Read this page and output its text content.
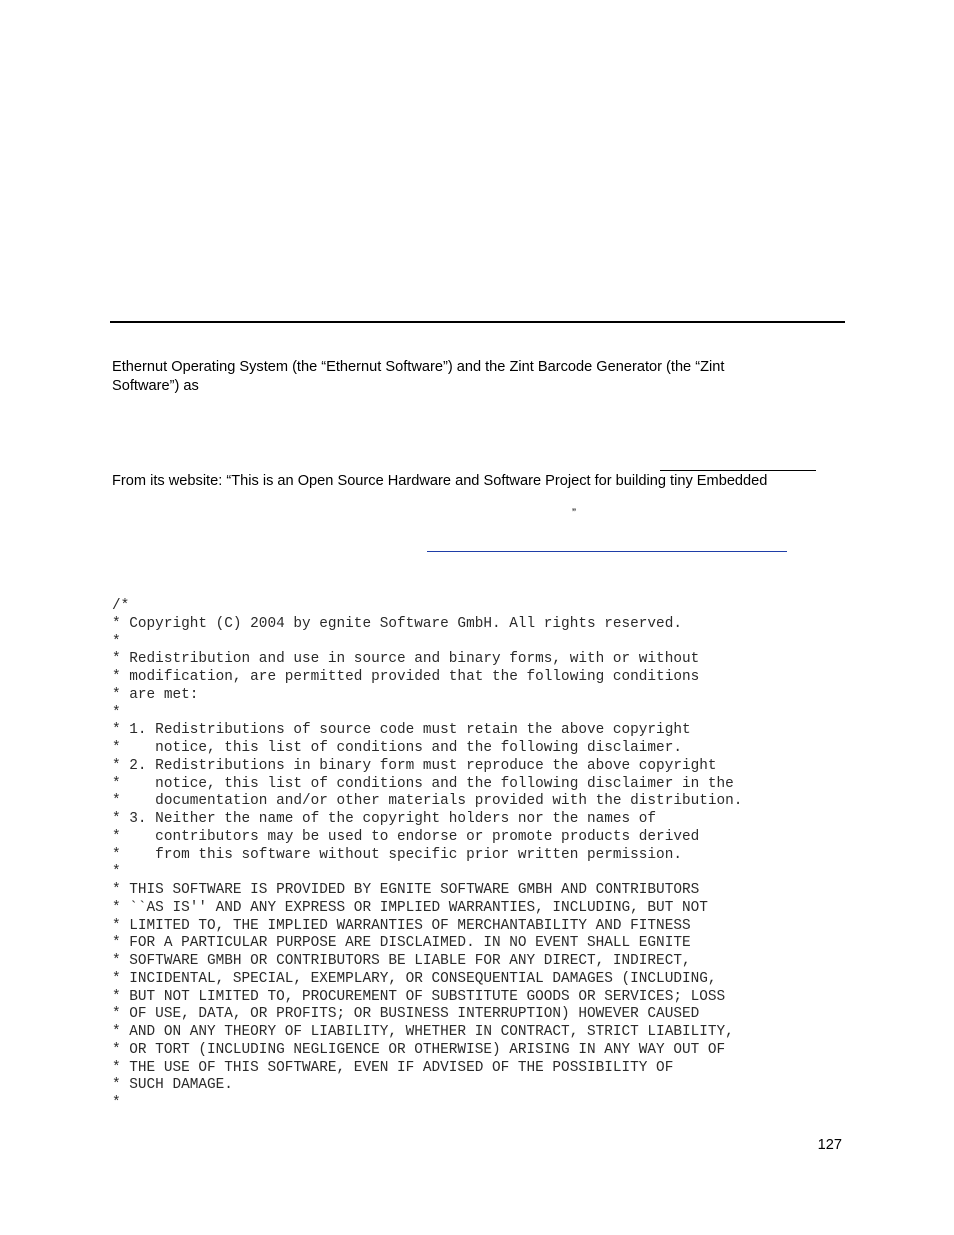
Ethernut Operating System (the “Ethernut Software”) and the Zint Barcode Generator (the “Zint
Software”) as
From its website: “This is an Open Source Hardware and Software Project for building tiny Embedded
”
/*
* Copyright (C) 2004 by egnite Software GmbH. All rights reserved.
*
* Redistribution and use in source and binary forms, with or without
* modification, are permitted provided that the following conditions
* are met:
*
* 1. Redistributions of source code must retain the above copyright
*    notice, this list of conditions and the following disclaimer.
* 2. Redistributions in binary form must reproduce the above copyright
*    notice, this list of conditions and the following disclaimer in the
*    documentation and/or other materials provided with the distribution.
* 3. Neither the name of the copyright holders nor the names of
*    contributors may be used to endorse or promote products derived
*    from this software without specific prior written permission.
*
* THIS SOFTWARE IS PROVIDED BY EGNITE SOFTWARE GMBH AND CONTRIBUTORS
* ``AS IS'' AND ANY EXPRESS OR IMPLIED WARRANTIES, INCLUDING, BUT NOT
* LIMITED TO, THE IMPLIED WARRANTIES OF MERCHANTABILITY AND FITNESS
* FOR A PARTICULAR PURPOSE ARE DISCLAIMED. IN NO EVENT SHALL EGNITE
* SOFTWARE GMBH OR CONTRIBUTORS BE LIABLE FOR ANY DIRECT, INDIRECT,
* INCIDENTAL, SPECIAL, EXEMPLARY, OR CONSEQUENTIAL DAMAGES (INCLUDING,
* BUT NOT LIMITED TO, PROCUREMENT OF SUBSTITUTE GOODS OR SERVICES; LOSS
* OF USE, DATA, OR PROFITS; OR BUSINESS INTERRUPTION) HOWEVER CAUSED
* AND ON ANY THEORY OF LIABILITY, WHETHER IN CONTRACT, STRICT LIABILITY,
* OR TORT (INCLUDING NEGLIGENCE OR OTHERWISE) ARISING IN ANY WAY OUT OF
* THE USE OF THIS SOFTWARE, EVEN IF ADVISED OF THE POSSIBILITY OF
* SUCH DAMAGE.
*
127
